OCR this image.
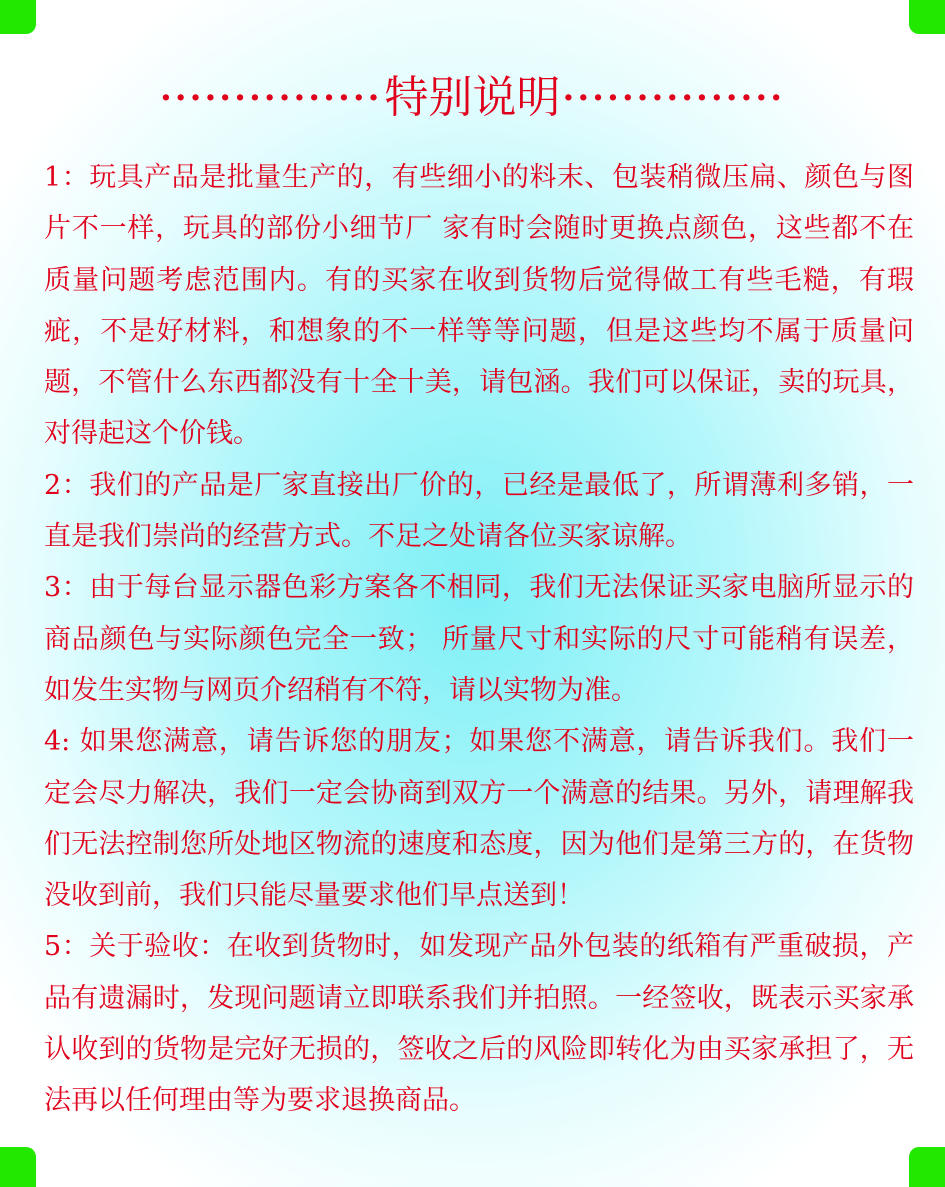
··············· 特别说明 ···············

1：玩具产品是批量生产的，有些细小的料末、包装稍微压扁、颜色与图片不一样，玩具的部份小细节厂 家有时会随时更换点颜色，这些都不在质量问题考虑范围内。有的买家在收到货物后觉得做工有些毛糙，有瑕疵，不是好材料，和想象的不一样等等问题，但是这些均不属于质量问题，不管什么东西都没有十全十美，请包涵。我们可以保证，卖的玩具，对得起这个价钱。

2：我们的产品是厂家直接出厂价的，已经是最低了，所谓薄利多销，一直是我们崇尚的经营方式。不足之处请各位买家谅解。

3：由于每台显示器色彩方案各不相同，我们无法保证买家电脑所显示的商品颜色与实际颜色完全一致； 所量尺寸和实际的尺寸可能稍有误差，如发生实物与网页介绍稍有不符，请以实物为准。

4: 如果您满意，请告诉您的朋友；如果您不满意，请告诉我们。我们一定会尽力解决，我们一定会协商到双方一个满意的结果。另外，请理解我们无法控制您所处地区物流的速度和态度，因为他们是第三方的，在货物没收到前，我们只能尽量要求他们早点送到！

5：关于验收：在收到货物时，如发现产品外包装的纸箱有严重破损，产品有遗漏时，发现问题请立即联系我们并拍照。一经签收，既表示买家承认收到的货物是完好无损的，签收之后的风险即转化为由买家承担了，无法再以任何理由等为要求退换商品。
